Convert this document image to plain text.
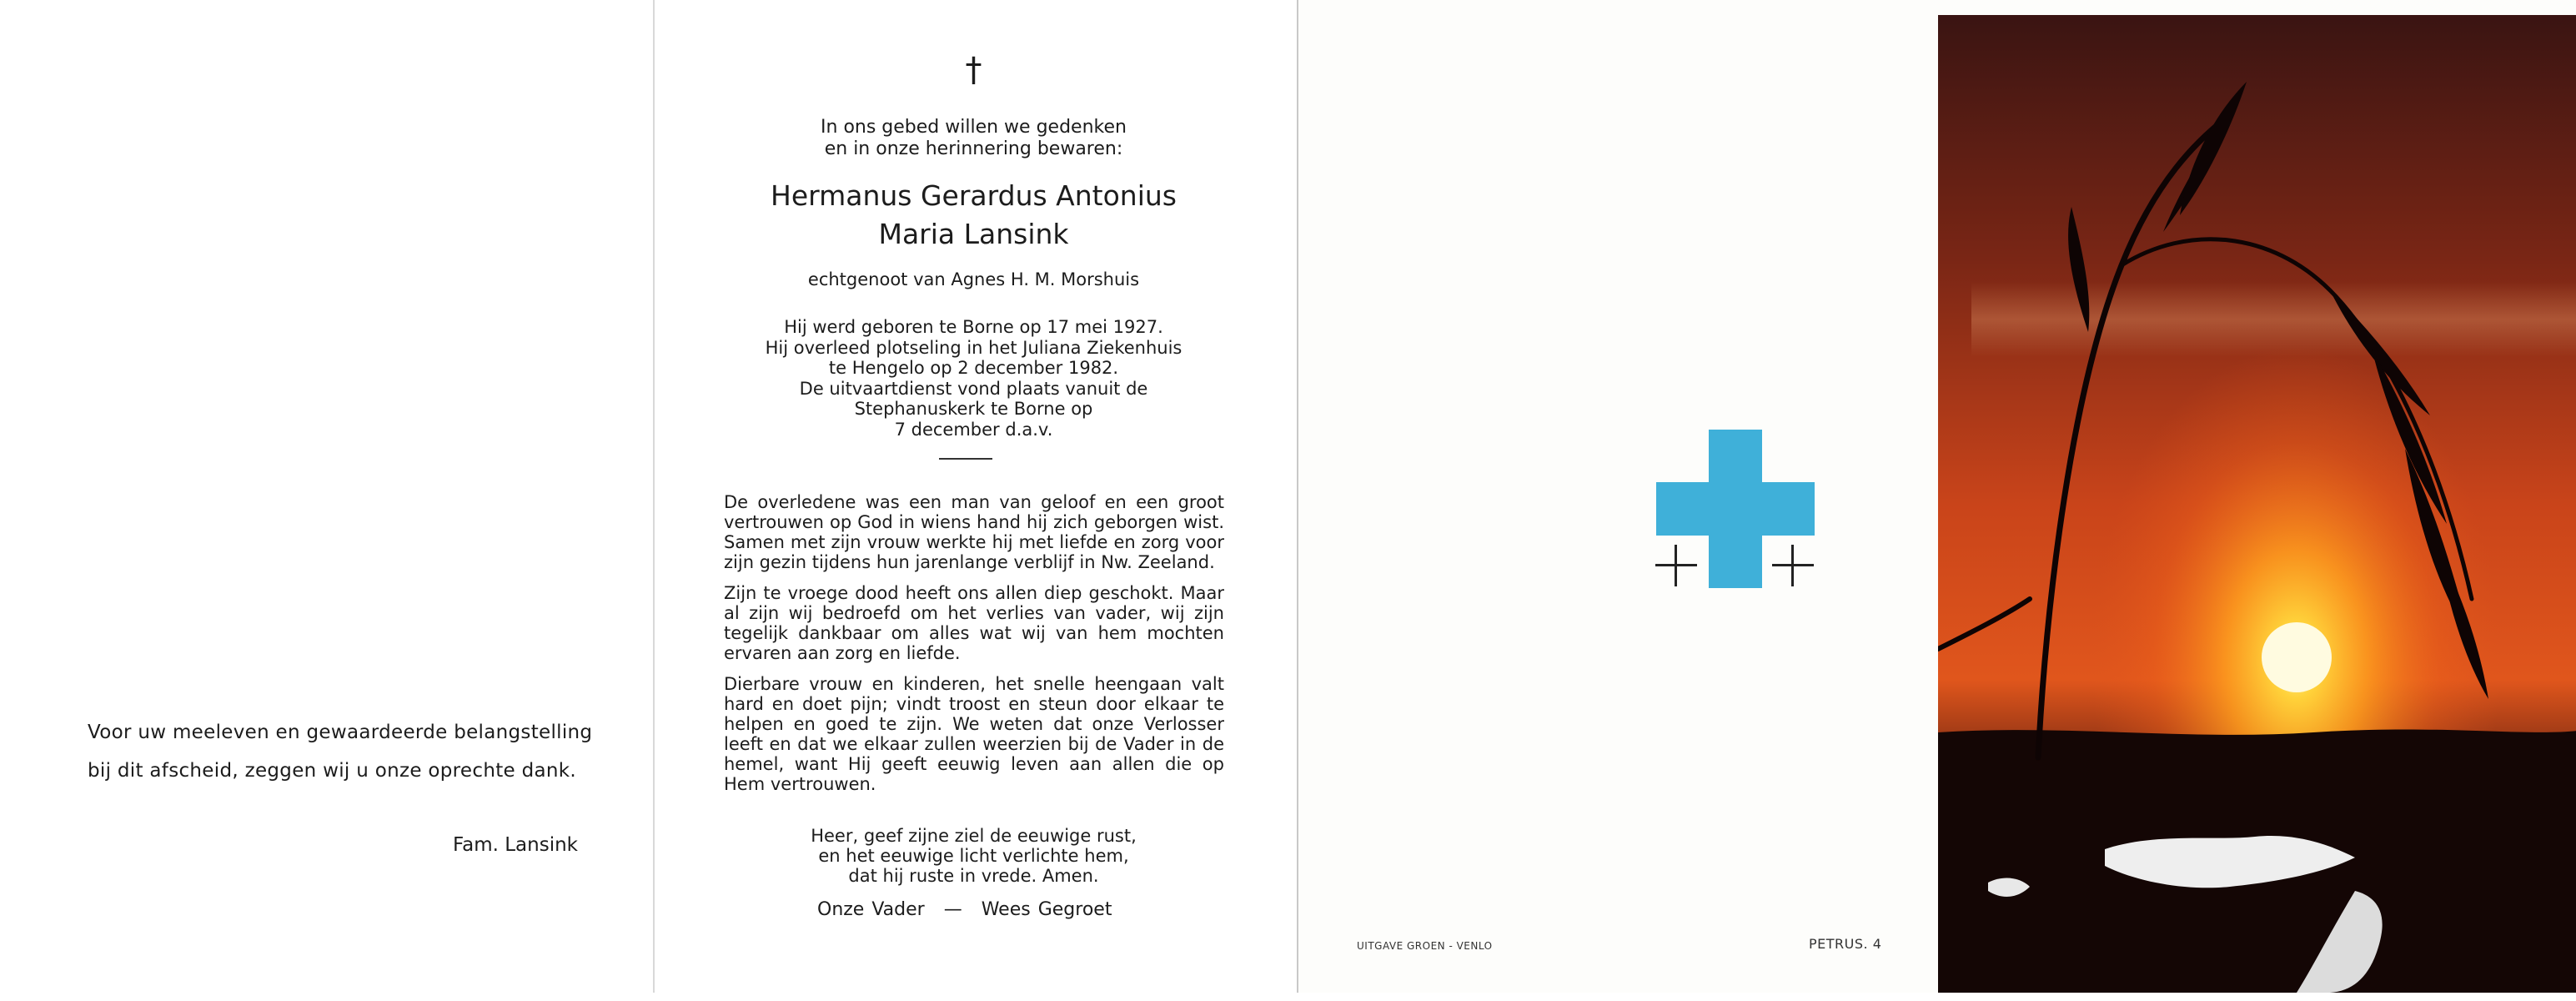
Voor uw meeleven en gewaardeerde belangstelling
bij dit afscheid, zeggen wij u onze oprechte dank.
Fam. Lansink
†
In ons gebed willen we gedenken
en in onze herinnering bewaren:
Hermanus Gerardus Antonius
Maria Lansink
echtgenoot van Agnes H. M. Morshuis
Hij werd geboren te Borne op 17 mei 1927.
Hij overleed plotseling in het Juliana Ziekenhuis
te Hengelo op 2 december 1982.
De uitvaartdienst vond plaats vanuit de
Stephanuskerk te Borne op
7 december d.a.v.

De overledene was een man van geloof en een groot vertrouwen op God in wiens hand hij zich geborgen wist. Samen met zijn vrouw werkte hij met liefde en zorg voor zijn gezin tijdens hun jarenlange verblijf in Nw. Zeeland.

Zijn te vroege dood heeft ons allen diep geschokt. Maar al zijn wij bedroefd om het verlies van vader, wij zijn tegelijk dankbaar om alles wat wij van hem mochten ervaren aan zorg en liefde.

Dierbare vrouw en kinderen, het snelle heengaan valt hard en doet pijn; vindt troost en steun door elkaar te helpen en goed te zijn. We weten dat onze Verlosser leeft en dat we elkaar zullen weerzien bij de Vader in de hemel, want Hij geeft eeuwig leven aan allen die op Hem vertrouwen.

Heer, geef zijne ziel de eeuwige rust,
en het eeuwige licht verlichte hem,
dat hij ruste in vrede. Amen.
Onze Vader — Wees Gegroet
UITGAVE GROEN - VENLO	PETRUS. 4
